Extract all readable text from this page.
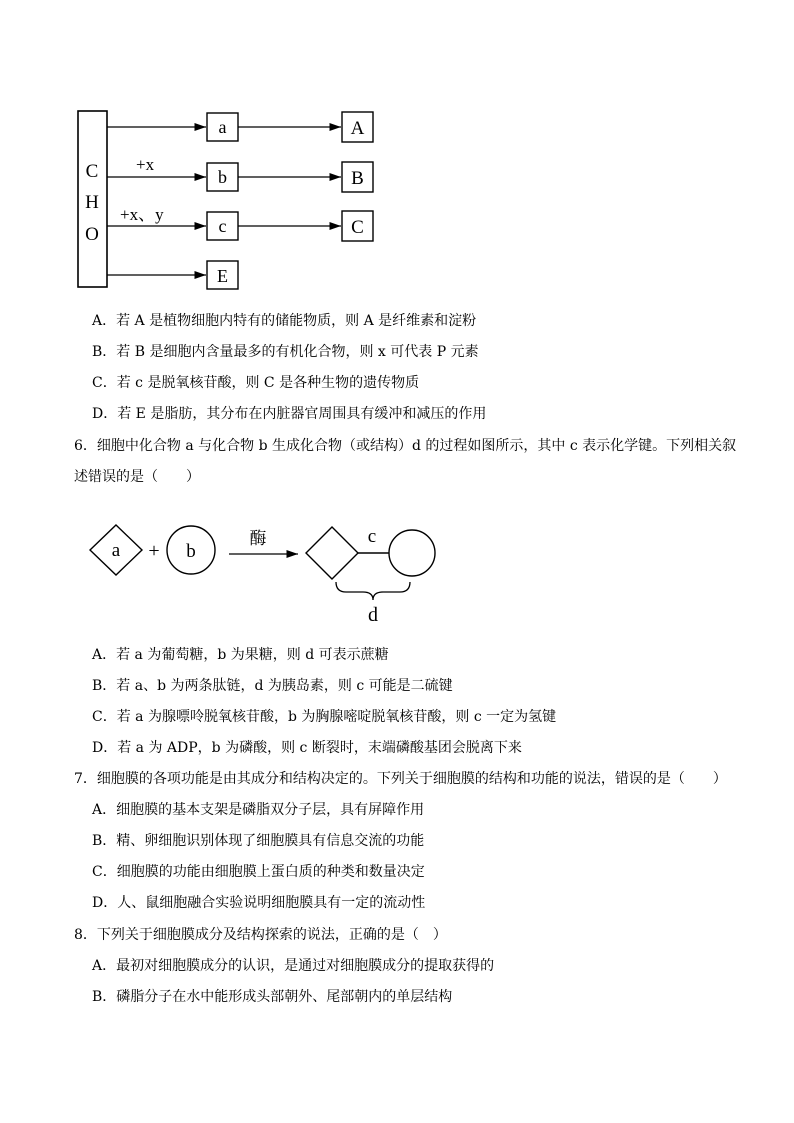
C
H
O
+x
+x、y
a
b
c
E
A
B
C
A．若 A 是植物细胞内特有的储能物质，则 A 是纤维素和淀粉
B．若 B 是细胞内含量最多的有机化合物，则 x 可代表 P 元素
C．若 c 是脱氧核苷酸，则 C 是各种生物的遗传物质
D．若 E 是脂肪，其分布在内脏器官周围具有缓冲和减压的作用
6．细胞中化合物 a 与化合物 b 生成化合物（或结构）d 的过程如图所示，其中 c 表示化学键。下列相关叙
述错误的是（　　）
a + b
酶	c
d
A．若 a 为葡萄糖，b 为果糖，则 d 可表示蔗糖
B．若 a、b 为两条肽链，d 为胰岛素，则 c 可能是二硫键
C．若 a 为腺嘌呤脱氧核苷酸，b 为胸腺嘧啶脱氧核苷酸，则 c 一定为氢键
D．若 a 为 ADP，b 为磷酸，则 c 断裂时，末端磷酸基团会脱离下来
7．细胞膜的各项功能是由其成分和结构决定的。下列关于细胞膜的结构和功能的说法，错误的是（　　）
A．细胞膜的基本支架是磷脂双分子层，具有屏障作用
B．精、卵细胞识别体现了细胞膜具有信息交流的功能
C．细胞膜的功能由细胞膜上蛋白质的种类和数量决定
D．人、鼠细胞融合实验说明细胞膜具有一定的流动性
8．下列关于细胞膜成分及结构探索的说法，正确的是（　）
A．最初对细胞膜成分的认识，是通过对细胞膜成分的提取获得的
B．磷脂分子在水中能形成头部朝外、尾部朝内的单层结构
